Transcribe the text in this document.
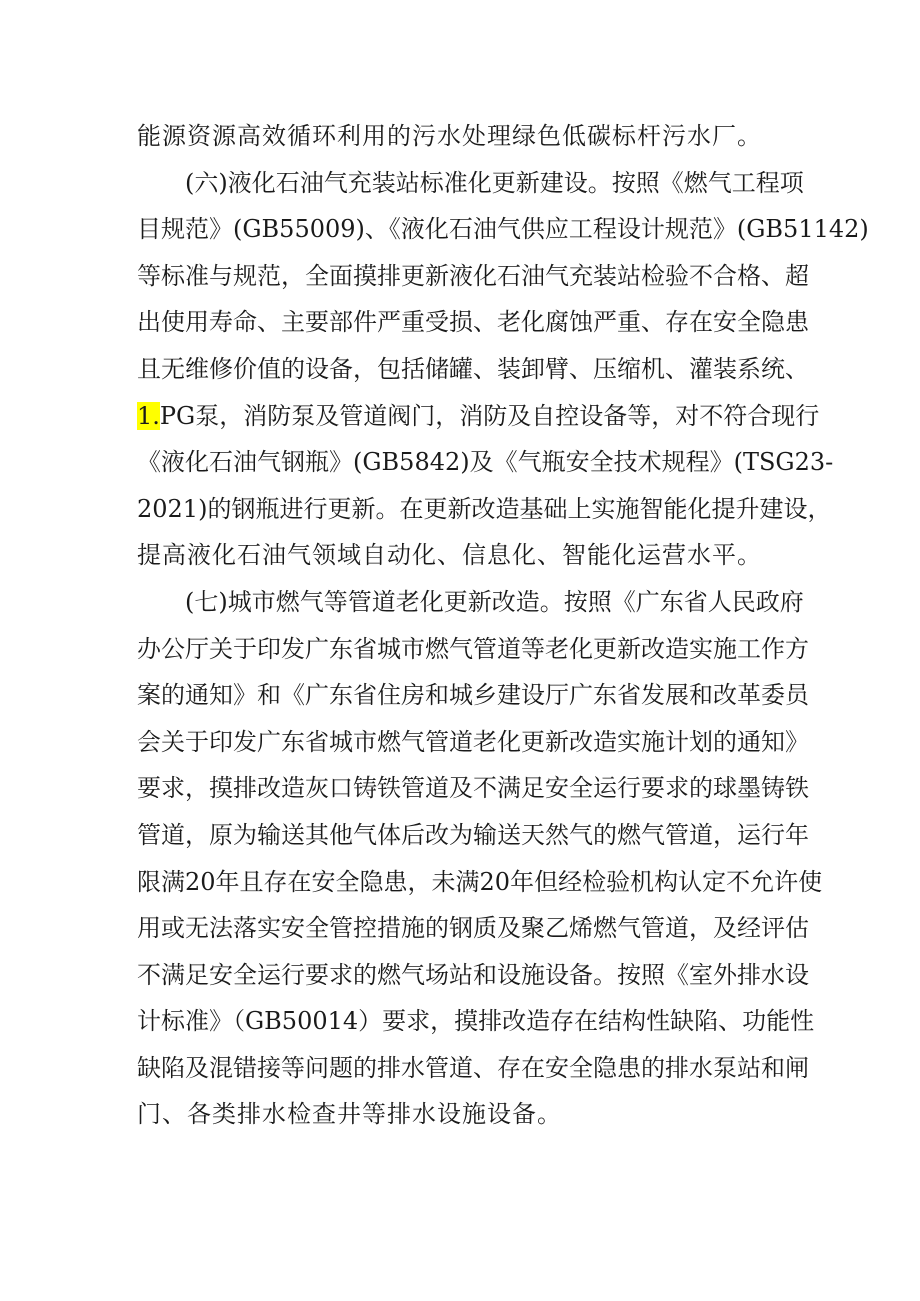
能源资源高效循环利用的污水处理绿色低碳标杆污水厂。
(六)液化石油气充装站标准化更新建设。按照《燃气工程项
目规范》(GB55009)、《液化石油气供应工程设计规范》(GB51142)
等标准与规范，全面摸排更新液化石油气充装站检验不合格、超
出使用寿命、主要部件严重受损、老化腐蚀严重、存在安全隐患
且无维修价值的设备，包括储罐、装卸臂、压缩机、灌装系统、
1.PG泵，消防泵及管道阀门，消防及自控设备等，对不符合现行
《液化石油气钢瓶》(GB5842)及《气瓶安全技术规程》(TSG23-
2021)的钢瓶进行更新。在更新改造基础上实施智能化提升建设，
提高液化石油气领域自动化、信息化、智能化运营水平。
(七)城市燃气等管道老化更新改造。按照《广东省人民政府
办公厅关于印发广东省城市燃气管道等老化更新改造实施工作方
案的通知》和《广东省住房和城乡建设厅广东省发展和改革委员
会关于印发广东省城市燃气管道老化更新改造实施计划的通知》
要求，摸排改造灰口铸铁管道及不满足安全运行要求的球墨铸铁
管道，原为输送其他气体后改为输送天然气的燃气管道，运行年
限满20年且存在安全隐患，未满20年但经检验机构认定不允许使
用或无法落实安全管控措施的钢质及聚乙烯燃气管道，及经评估
不满足安全运行要求的燃气场站和设施设备。按照《室外排水设
计标准》（GB50014）要求，摸排改造存在结构性缺陷、功能性
缺陷及混错接等问题的排水管道、存在安全隐患的排水泵站和闸
门、各类排水检查井等排水设施设备。
